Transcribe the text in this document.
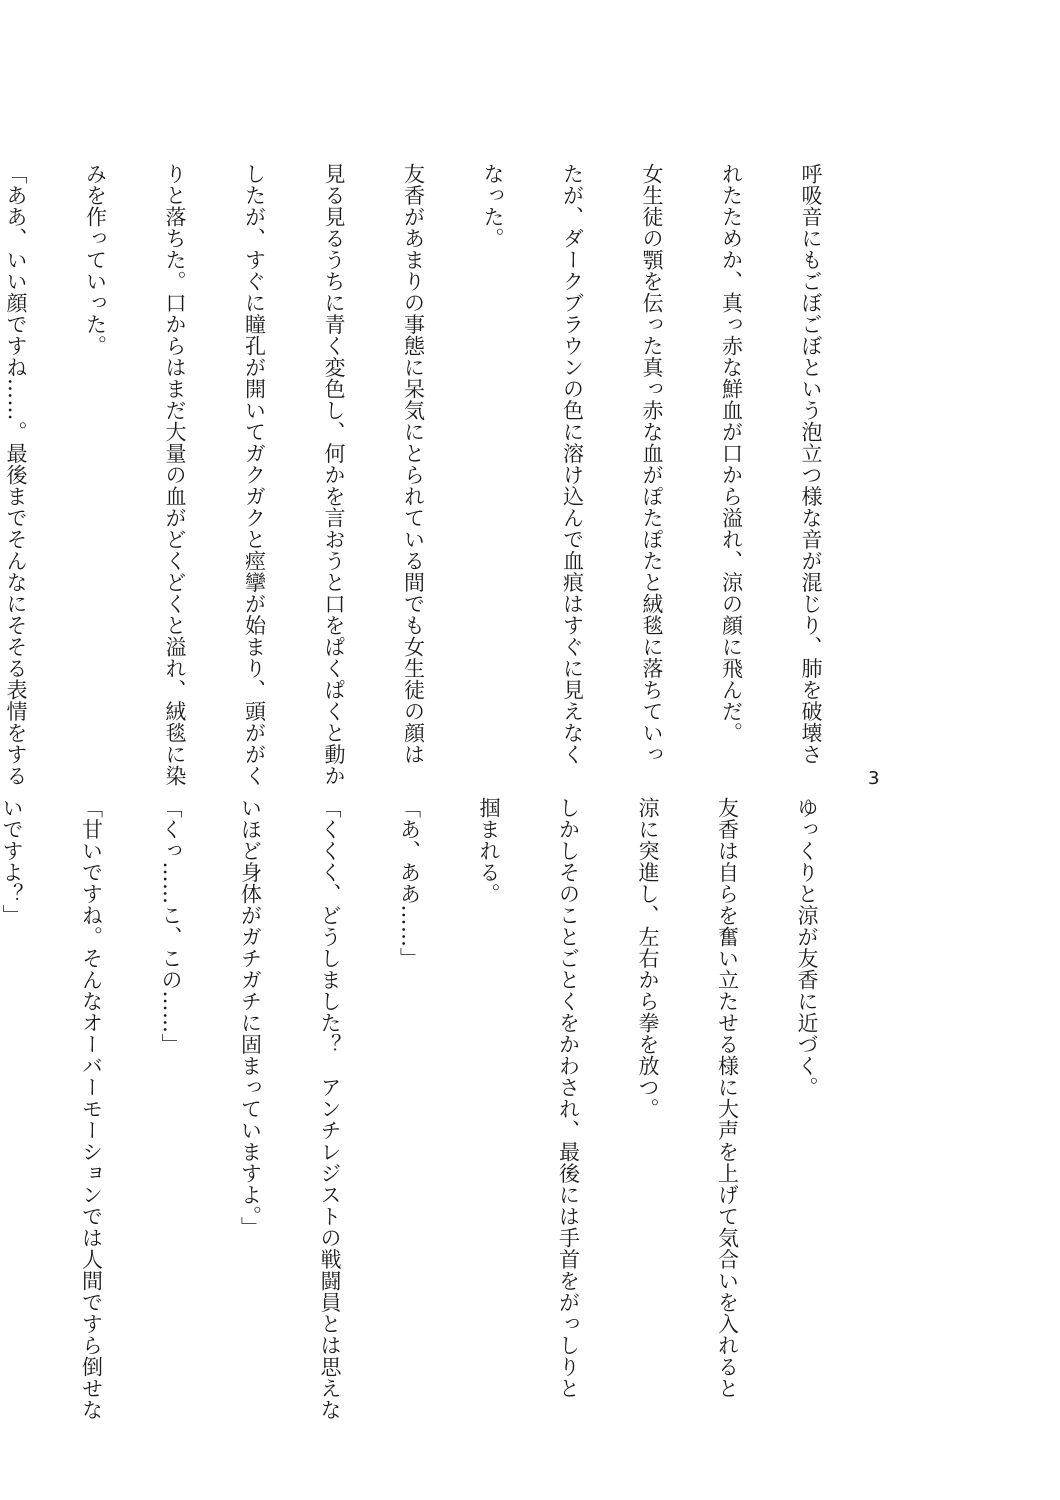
3

呼吸音にもごぼごぼという泡立つ様な音が混じり、肺を破壊さ

れたためか、真っ赤な鮮血が口から溢れ、涼の顔に飛んだ。

女生徒の顎を伝った真っ赤な血がぽたぽたと絨毯に落ちていっ

たが、ダークブラウンの色に溶け込んで血痕はすぐに見えなく

なった。

友香があまりの事態に呆気にとられている間でも女生徒の顔は

見る見るうちに青く変色し、何かを言おうと口をぱくぱくと動か

したが、すぐに瞳孔が開いてガクガクと痙攣が始まり、頭ががく

りと落ちた。口からはまだ大量の血がどくどくと溢れ、絨毯に染

みを作っていった。

「ああ、いい顔ですね……。最後までそんなにそそる表情をする

ゆっくりと涼が友香に近づく。

友香は自らを奮い立たせる様に大声を上げて気合いを入れると

涼に突進し、左右から拳を放つ。

しかしそのことごとくをかわされ、最後には手首をがっしりと

掴まれる。

「あ、ああ……」

「くくく、どうしました？　アンチレジストの戦闘員とは思えな

いほど身体がガチガチに固まっていますよ。」

「くっ……こ、この……」

「甘いですね。そんなオーバーモーションでは人間ですら倒せな

いですよ？」
